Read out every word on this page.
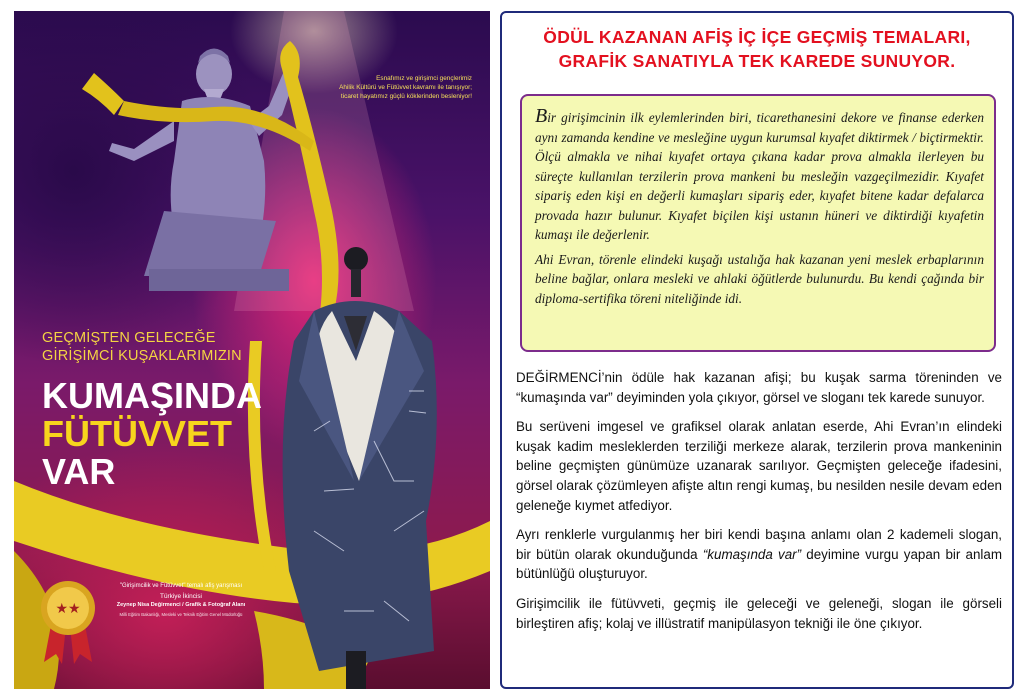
Esnafımız ve girişimci gençlerimiz
Ahilik Kültürü ve Fütüvvet kavramı ile tanışıyor;
ticaret hayatımız güçlü köklerinden besleniyor!
GEÇMİŞTEN GELECEĞE
GİRİŞİMCİ KUŞAKLARIMIZIN
KUMAŞINDA
FÜTÜVVET
VAR
★★
"Girişimcilik ve Fütüvvet" temalı afiş yarışması
Türkiye İkincisi
Zeynep Nisa Değirmenci / Grafik & Fotoğraf Alanı
Milli Eğitim Bakanlığı, Mesleki ve Teknik Eğitim Genel Müdürlüğü
ÖDÜL KAZANAN AFİŞ İÇ İÇE GEÇMİŞ TEMALARI,
GRAFİK SANATIYLA TEK KAREDE SUNUYOR.

Bir girişimcinin ilk eylemlerinden biri, ticarethanesini dekore ve finanse ederken aynı zamanda kendine ve mesleğine uygun kurumsal kıyafet diktirmek / biçtirmektir. Ölçü almakla ve nihai kıyafet ortaya çıkana kadar prova almakla ilerleyen bu süreçte kullanılan terzilerin prova mankeni bu mesleğin vazgeçilmezidir. Kıyafet sipariş eden kişi en değerli kumaşları sipariş eder, kıyafet bitene kadar defalarca provada hazır bulunur. Kıyafet biçilen kişi ustanın hüneri ve diktirdiği kıyafetin kumaşı ile değerlenir.

Ahi Evran, törenle elindeki kuşağı ustalığa hak kazanan yeni meslek erbaplarının beline bağlar, onlara mesleki ve ahlaki öğütlerde bulunurdu. Bu kendi çağında bir diploma-sertifika töreni niteliğinde idi.

DEĞİRMENCİ’nin ödüle hak kazanan afişi; bu kuşak sarma töreninden ve “kumaşında var” deyiminden yola çıkıyor, görsel ve sloganı tek karede sunuyor.

Bu serüveni imgesel ve grafiksel olarak anlatan eserde, Ahi Evran’ın elindeki kuşak kadim mesleklerden terziliği merkeze alarak, terzilerin prova mankeninin beline geçmişten günümüze uzanarak sarılıyor. Geçmişten geleceğe ifadesini, görsel olarak çözümleyen afişte altın rengi kumaş, bu nesilden nesile devam eden geleneğe kıymet atfediyor.

Ayrı renklerle vurgulanmış her biri kendi başına anlamı olan 2 kademeli slogan, bir bütün olarak okunduğunda “kumaşında var” deyimine vurgu yapan bir anlam bütünlüğü oluşturuyor.

Girişimcilik ile fütüvveti, geçmiş ile geleceği ve geleneği, slogan ile görseli birleştiren afiş; kolaj ve illüstratif manipülasyon tekniği ile öne çıkıyor.
